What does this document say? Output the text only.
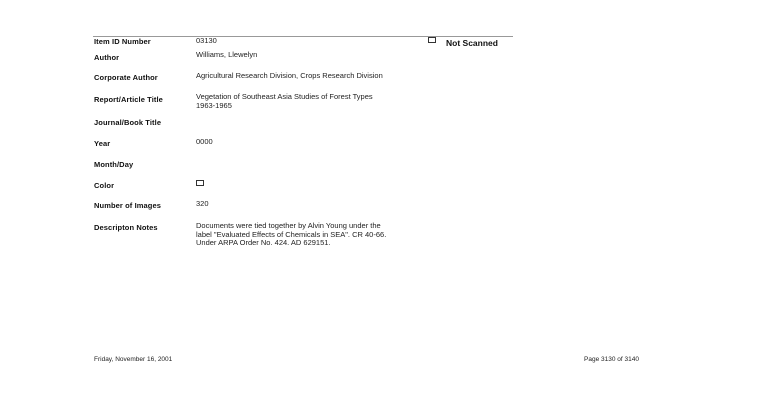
Item ID Number	03130	Not Scanned
Author	Williams, Llewelyn
Corporate Author	Agricultural Research Division, Crops Research Division
Report/Article Title	Vegetation of Southeast Asia Studies of Forest Types
1963-1965
Journal/Book Title
Year	0000
Month/Day
Color
Number of Images	320
Descripton Notes	Documents were tied together by Alvin Young under the
label "Evaluated Effects of Chemicals in SEA". CR 40-66.
Under ARPA Order No. 424. AD 629151.
Friday, November 16, 2001	Page 3130 of 3140
